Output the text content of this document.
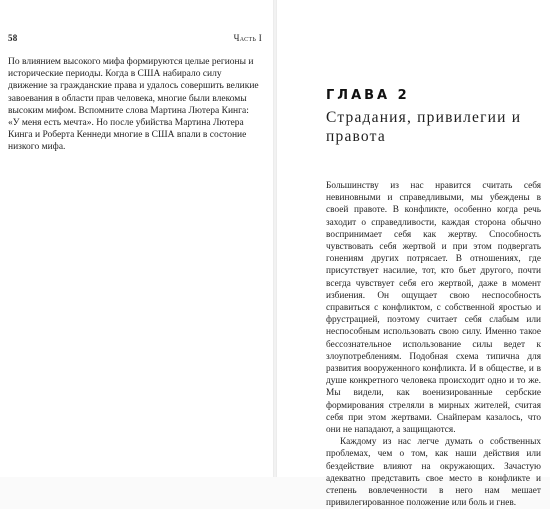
58	Часть I

По влиянием высокого мифа формируются целые регионы и исторические периоды. Когда в США набирало силу движение за гражданские права и удалось совершить великие завоевания в области прав человека, многие были влекомы высоким мифом. Вспомните слова Мартина Лютера Кинга: «У меня есть мечта». Но после убийства Мартина Лютера Кинга и Роберта Кеннеди многие в США впали в состоние низкого мифа.

ГЛАВА 2
Страдания, привилегии и правота

Большинству из нас нравится считать себя невиновными и справедливыми, мы убеждены в своей правоте. В конфликте, особенно когда речь заходит о справедливости, каждая сторона обычно воспринимает себя как жертву. Способность чувствовать себя жертвой и при этом подвергать гонениям других потрясает. В отношениях, где присутствует насилие, тот, кто бьет другого, почти всегда чувствует себя его жертвой, даже в момент избиения. Он ощущает свою неспособность справиться с конфликтом, с собственной яростью и фрустрацией, поэтому считает себя слабым или неспособным использовать свою силу. Именно такое бессознательное использование силы ведет к злоупотреблениям. Подобная схема типична для развития вооруженного конфликта. И в обществе, и в душе конкретного человека происходит одно и то же. Мы видели, как военизированные сербские формирования стреляли в мирных жителей, считая себя при этом жертвами. Снайперам казалось, что они не нападают, а защищаются.

Каждому из нас легче думать о собственных проблемах, чем о том, как наши действия или бездействие влияют на окружающих. Зачастую адекватно представить свое место в конфликте и степень вовлеченности в него нам мешает привилегированное положение или боль и гнев.
